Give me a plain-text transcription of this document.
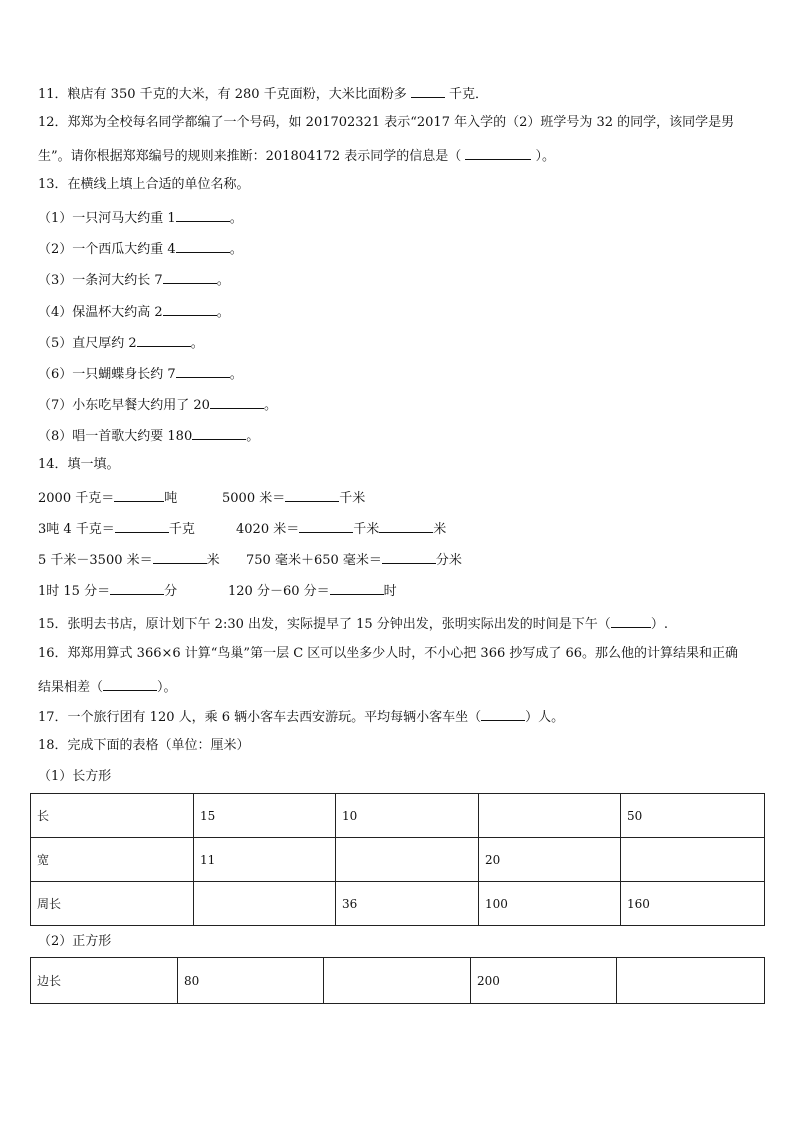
11．粮店有 350 千克的大米，有 280 千克面粉，大米比面粉多	千克．
12．郑郑为全校每名同学都编了一个号码，如 201702321 表示“2017 年入学的（2）班学号为 32 的同学，该同学是男
生”。请你根据郑郑编号的规则来推断：201804172 表示同学的信息是（	）。
13．在横线上填上合适的单位名称。
（1）一只河马大约重 1	。
（2）一个西瓜大约重 4	。
（3）一条河大约长 7	。
（4）保温杯大约高 2	。
（5）直尺厚约 2	。
（6）一只蝴蝶身长约 7	。
（7）小东吃早餐大约用了 20	。
（8）唱一首歌大约要 180	。
14．填一填。
2000 千克＝	吨	5000 米＝	千米
3吨 4 千克＝	千克	4020 米＝	千米	米
5 千米－3500 米＝	米 750 毫米＋650 毫米＝	分米
1时 15 分＝	分	120 分－60 分＝	时
15．张明去书店，原计划下午 2:30 出发，实际提早了 15 分钟出发，张明实际出发的时间是下午（	）.
16．郑郑用算式 366×6 计算“鸟巢”第一层 C 区可以坐多少人时，不小心把 366 抄写成了 66。那么他的计算结果和正确
结果相差（	）。
17．一个旅行团有 120 人，乘 6 辆小客车去西安游玩。平均每辆小客车坐（	）人。
18．完成下面的表格（单位：厘米）
（1）长方形
长	15	10		50
宽	11		20	
周长		36	100	160
（2）正方形
边长	80		200	
